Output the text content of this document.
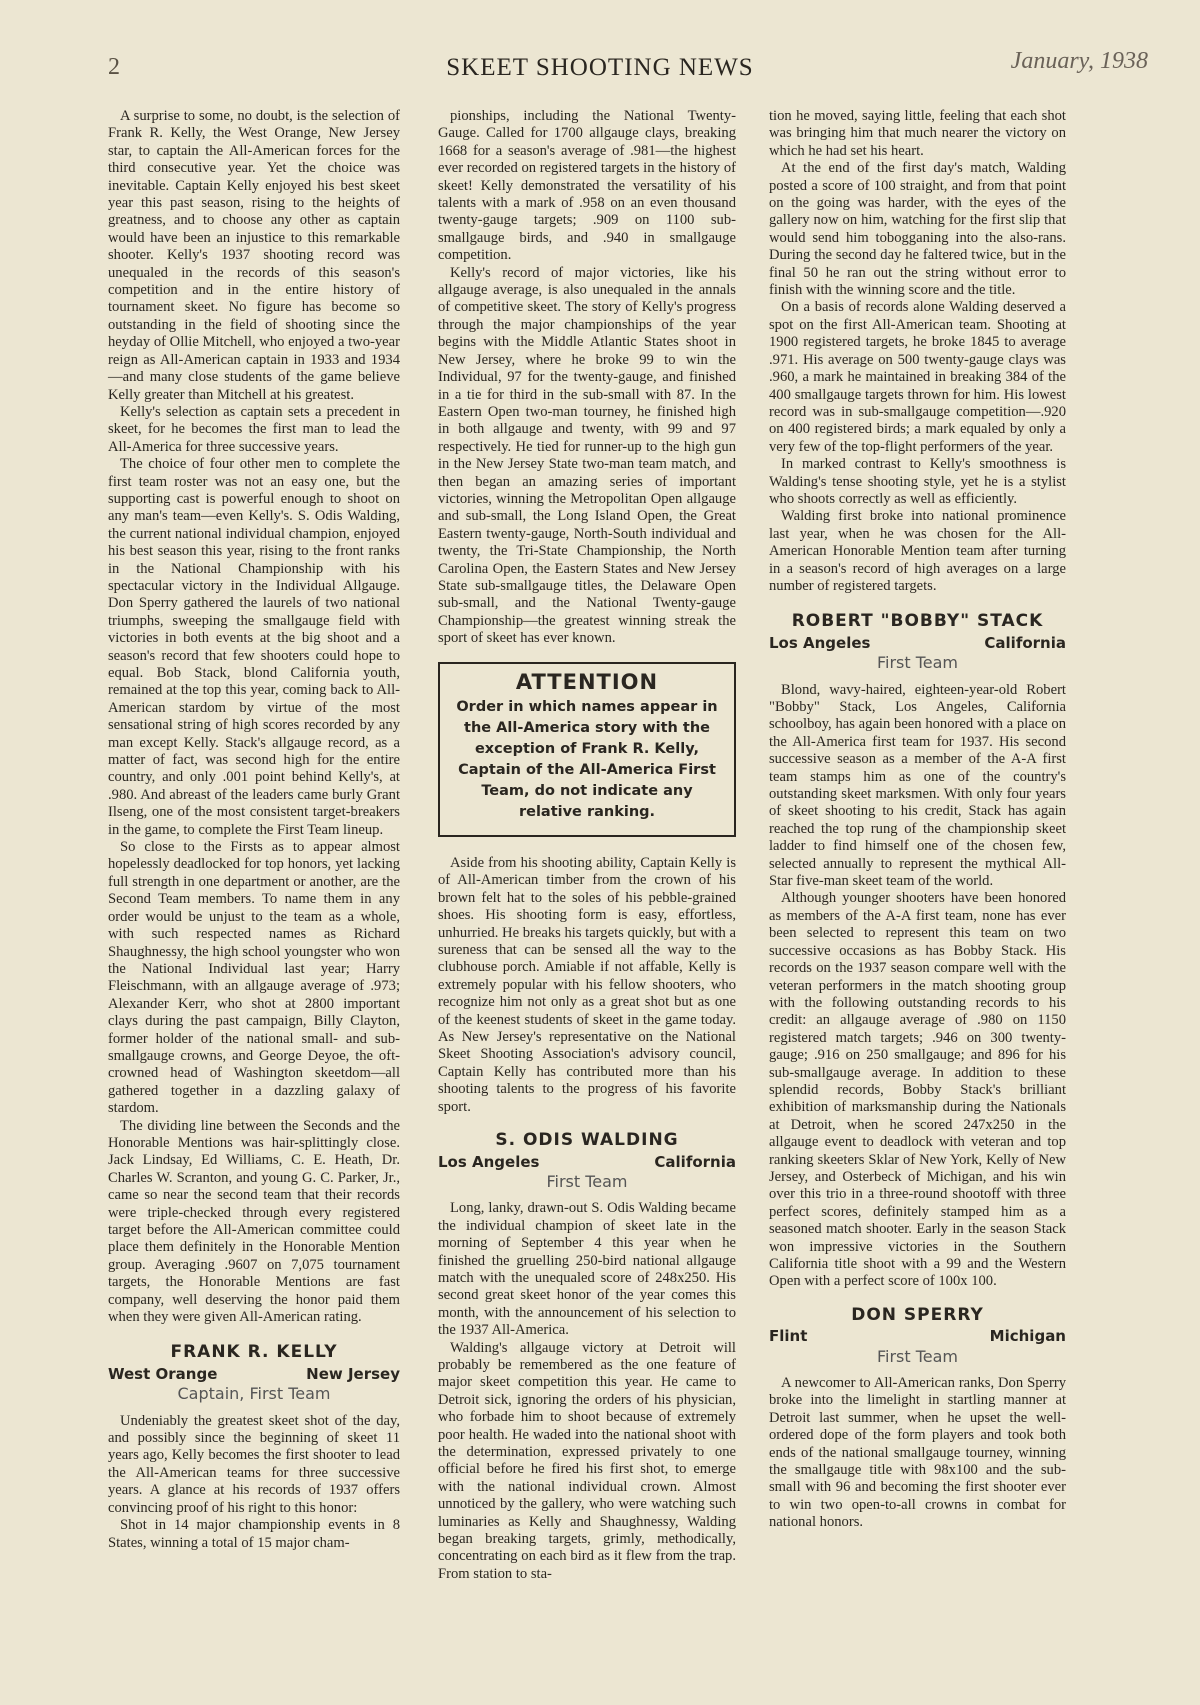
2	SKEET SHOOTING NEWS	January, 1938

A surprise to some, no doubt, is the selection of Frank R. Kelly, the West Orange, New Jersey star, to captain the All-American forces for the third consecutive year. Yet the choice was inevitable. Captain Kelly enjoyed his best skeet year this past season, rising to the heights of greatness, and to choose any other as captain would have been an injustice to this remarkable shooter. Kelly's 1937 shooting record was unequaled in the records of this season's competition and in the entire history of tournament skeet. No figure has become so outstanding in the field of shooting since the heyday of Ollie Mitchell, who enjoyed a two-year reign as All-American captain in 1933 and 1934—and many close students of the game believe Kelly greater than Mitchell at his greatest.

Kelly's selection as captain sets a precedent in skeet, for he becomes the first man to lead the All-America for three successive years.

The choice of four other men to complete the first team roster was not an easy one, but the supporting cast is powerful enough to shoot on any man's team—even Kelly's. S. Odis Walding, the current national individual champion, enjoyed his best season this year, rising to the front ranks in the National Championship with his spectacular victory in the Individual Allgauge. Don Sperry gathered the laurels of two national triumphs, sweeping the smallgauge field with victories in both events at the big shoot and a season's record that few shooters could hope to equal. Bob Stack, blond California youth, remained at the top this year, coming back to All-American stardom by virtue of the most sensational string of high scores recorded by any man except Kelly. Stack's allgauge record, as a matter of fact, was second high for the entire country, and only .001 point behind Kelly's, at .980. And abreast of the leaders came burly Grant Ilseng, one of the most consistent target-breakers in the game, to complete the First Team lineup.

So close to the Firsts as to appear almost hopelessly deadlocked for top honors, yet lacking full strength in one department or another, are the Second Team members. To name them in any order would be unjust to the team as a whole, with such respected names as Richard Shaughnessy, the high school youngster who won the National Individual last year; Harry Fleischmann, with an allgauge average of .973; Alexander Kerr, who shot at 2800 important clays during the past campaign, Billy Clayton, former holder of the national small- and sub-smallgauge crowns, and George Deyoe, the oft-crowned head of Washington skeetdom—all gathered together in a dazzling galaxy of stardom.

The dividing line between the Seconds and the Honorable Mentions was hair-splittingly close. Jack Lindsay, Ed Williams, C. E. Heath, Dr. Charles W. Scranton, and young G. C. Parker, Jr., came so near the second team that their records were triple-checked through every registered target before the All-American committee could place them definitely in the Honorable Mention group. Averaging .9607 on 7,075 tournament targets, the Honorable Mentions are fast company, well deserving the honor paid them when they were given All-American rating.

FRANK R. KELLY
West Orange	New Jersey
Captain, First Team

Undeniably the greatest skeet shot of the day, and possibly since the beginning of skeet 11 years ago, Kelly becomes the first shooter to lead the All-American teams for three successive years. A glance at his records of 1937 offers convincing proof of his right to this honor:

Shot in 14 major championship events in 8 States, winning a total of 15 major cham-

pionships, including the National Twenty-Gauge. Called for 1700 allgauge clays, breaking 1668 for a season's average of .981—the highest ever recorded on registered targets in the history of skeet! Kelly demonstrated the versatility of his talents with a mark of .958 on an even thousand twenty-gauge targets; .909 on 1100 sub-smallgauge birds, and .940 in smallgauge competition.

Kelly's record of major victories, like his allgauge average, is also unequaled in the annals of competitive skeet. The story of Kelly's progress through the major championships of the year begins with the Middle Atlantic States shoot in New Jersey, where he broke 99 to win the Individual, 97 for the twenty-gauge, and finished in a tie for third in the sub-small with 87. In the Eastern Open two-man tourney, he finished high in both allgauge and twenty, with 99 and 97 respectively. He tied for runner-up to the high gun in the New Jersey State two-man team match, and then began an amazing series of important victories, winning the Metropolitan Open allgauge and sub-small, the Long Island Open, the Great Eastern twenty-gauge, North-South individual and twenty, the Tri-State Championship, the North Carolina Open, the Eastern States and New Jersey State sub-smallgauge titles, the Delaware Open sub-small, and the National Twenty-gauge Championship—the greatest winning streak the sport of skeet has ever known.

ATTENTION
Order in which names appear in the All-America story with the exception of Frank R. Kelly, Captain of the All-America First Team, do not indicate any relative ranking.

Aside from his shooting ability, Captain Kelly is of All-American timber from the crown of his brown felt hat to the soles of his pebble-grained shoes. His shooting form is easy, effortless, unhurried. He breaks his targets quickly, but with a sureness that can be sensed all the way to the clubhouse porch. Amiable if not affable, Kelly is extremely popular with his fellow shooters, who recognize him not only as a great shot but as one of the keenest students of skeet in the game today. As New Jersey's representative on the National Skeet Shooting Association's advisory council, Captain Kelly has contributed more than his shooting talents to the progress of his favorite sport.

S. ODIS WALDING
Los Angeles	California
First Team

Long, lanky, drawn-out S. Odis Walding became the individual champion of skeet late in the morning of September 4 this year when he finished the gruelling 250-bird national allgauge match with the unequaled score of 248x250. His second great skeet honor of the year comes this month, with the announcement of his selection to the 1937 All-America.

Walding's allgauge victory at Detroit will probably be remembered as the one feature of major skeet competition this year. He came to Detroit sick, ignoring the orders of his physician, who forbade him to shoot because of extremely poor health. He waded into the national shoot with the determination, expressed privately to one official before he fired his first shot, to emerge with the national individual crown. Almost unnoticed by the gallery, who were watching such luminaries as Kelly and Shaughnessy, Walding began breaking targets, grimly, methodically, concentrating on each bird as it flew from the trap. From station to sta-

tion he moved, saying little, feeling that each shot was bringing him that much nearer the victory on which he had set his heart.

At the end of the first day's match, Walding posted a score of 100 straight, and from that point on the going was harder, with the eyes of the gallery now on him, watching for the first slip that would send him tobogganing into the also-rans. During the second day he faltered twice, but in the final 50 he ran out the string without error to finish with the winning score and the title.

On a basis of records alone Walding deserved a spot on the first All-American team. Shooting at 1900 registered targets, he broke 1845 to average .971. His average on 500 twenty-gauge clays was .960, a mark he maintained in breaking 384 of the 400 smallgauge targets thrown for him. His lowest record was in sub-smallgauge competition—.920 on 400 registered birds; a mark equaled by only a very few of the top-flight performers of the year.

In marked contrast to Kelly's smoothness is Walding's tense shooting style, yet he is a stylist who shoots correctly as well as efficiently.

Walding first broke into national prominence last year, when he was chosen for the All-American Honorable Mention team after turning in a season's record of high averages on a large number of registered targets.

ROBERT "BOBBY" STACK
Los Angeles	California
First Team

Blond, wavy-haired, eighteen-year-old Robert "Bobby" Stack, Los Angeles, California schoolboy, has again been honored with a place on the All-America first team for 1937. His second successive season as a member of the A-A first team stamps him as one of the country's outstanding skeet marksmen. With only four years of skeet shooting to his credit, Stack has again reached the top rung of the championship skeet ladder to find himself one of the chosen few, selected annually to represent the mythical All-Star five-man skeet team of the world.

Although younger shooters have been honored as members of the A-A first team, none has ever been selected to represent this team on two successive occasions as has Bobby Stack. His records on the 1937 season compare well with the veteran performers in the match shooting group with the following outstanding records to his credit: an allgauge average of .980 on 1150 registered match targets; .946 on 300 twenty-gauge; .916 on 250 smallgauge; and 896 for his sub-smallgauge average. In addition to these splendid records, Bobby Stack's brilliant exhibition of marksmanship during the Nationals at Detroit, when he scored 247x250 in the allgauge event to deadlock with veteran and top ranking skeeters Sklar of New York, Kelly of New Jersey, and Osterbeck of Michigan, and his win over this trio in a three-round shootoff with three perfect scores, definitely stamped him as a seasoned match shooter. Early in the season Stack won impressive victories in the Southern California title shoot with a 99 and the Western Open with a perfect score of 100x 100.

DON SPERRY
Flint	Michigan
First Team

A newcomer to All-American ranks, Don Sperry broke into the limelight in startling manner at Detroit last summer, when he upset the well-ordered dope of the form players and took both ends of the national smallgauge tourney, winning the smallgauge title with 98x100 and the sub-small with 96 and becoming the first shooter ever to win two open-to-all crowns in combat for national honors.
